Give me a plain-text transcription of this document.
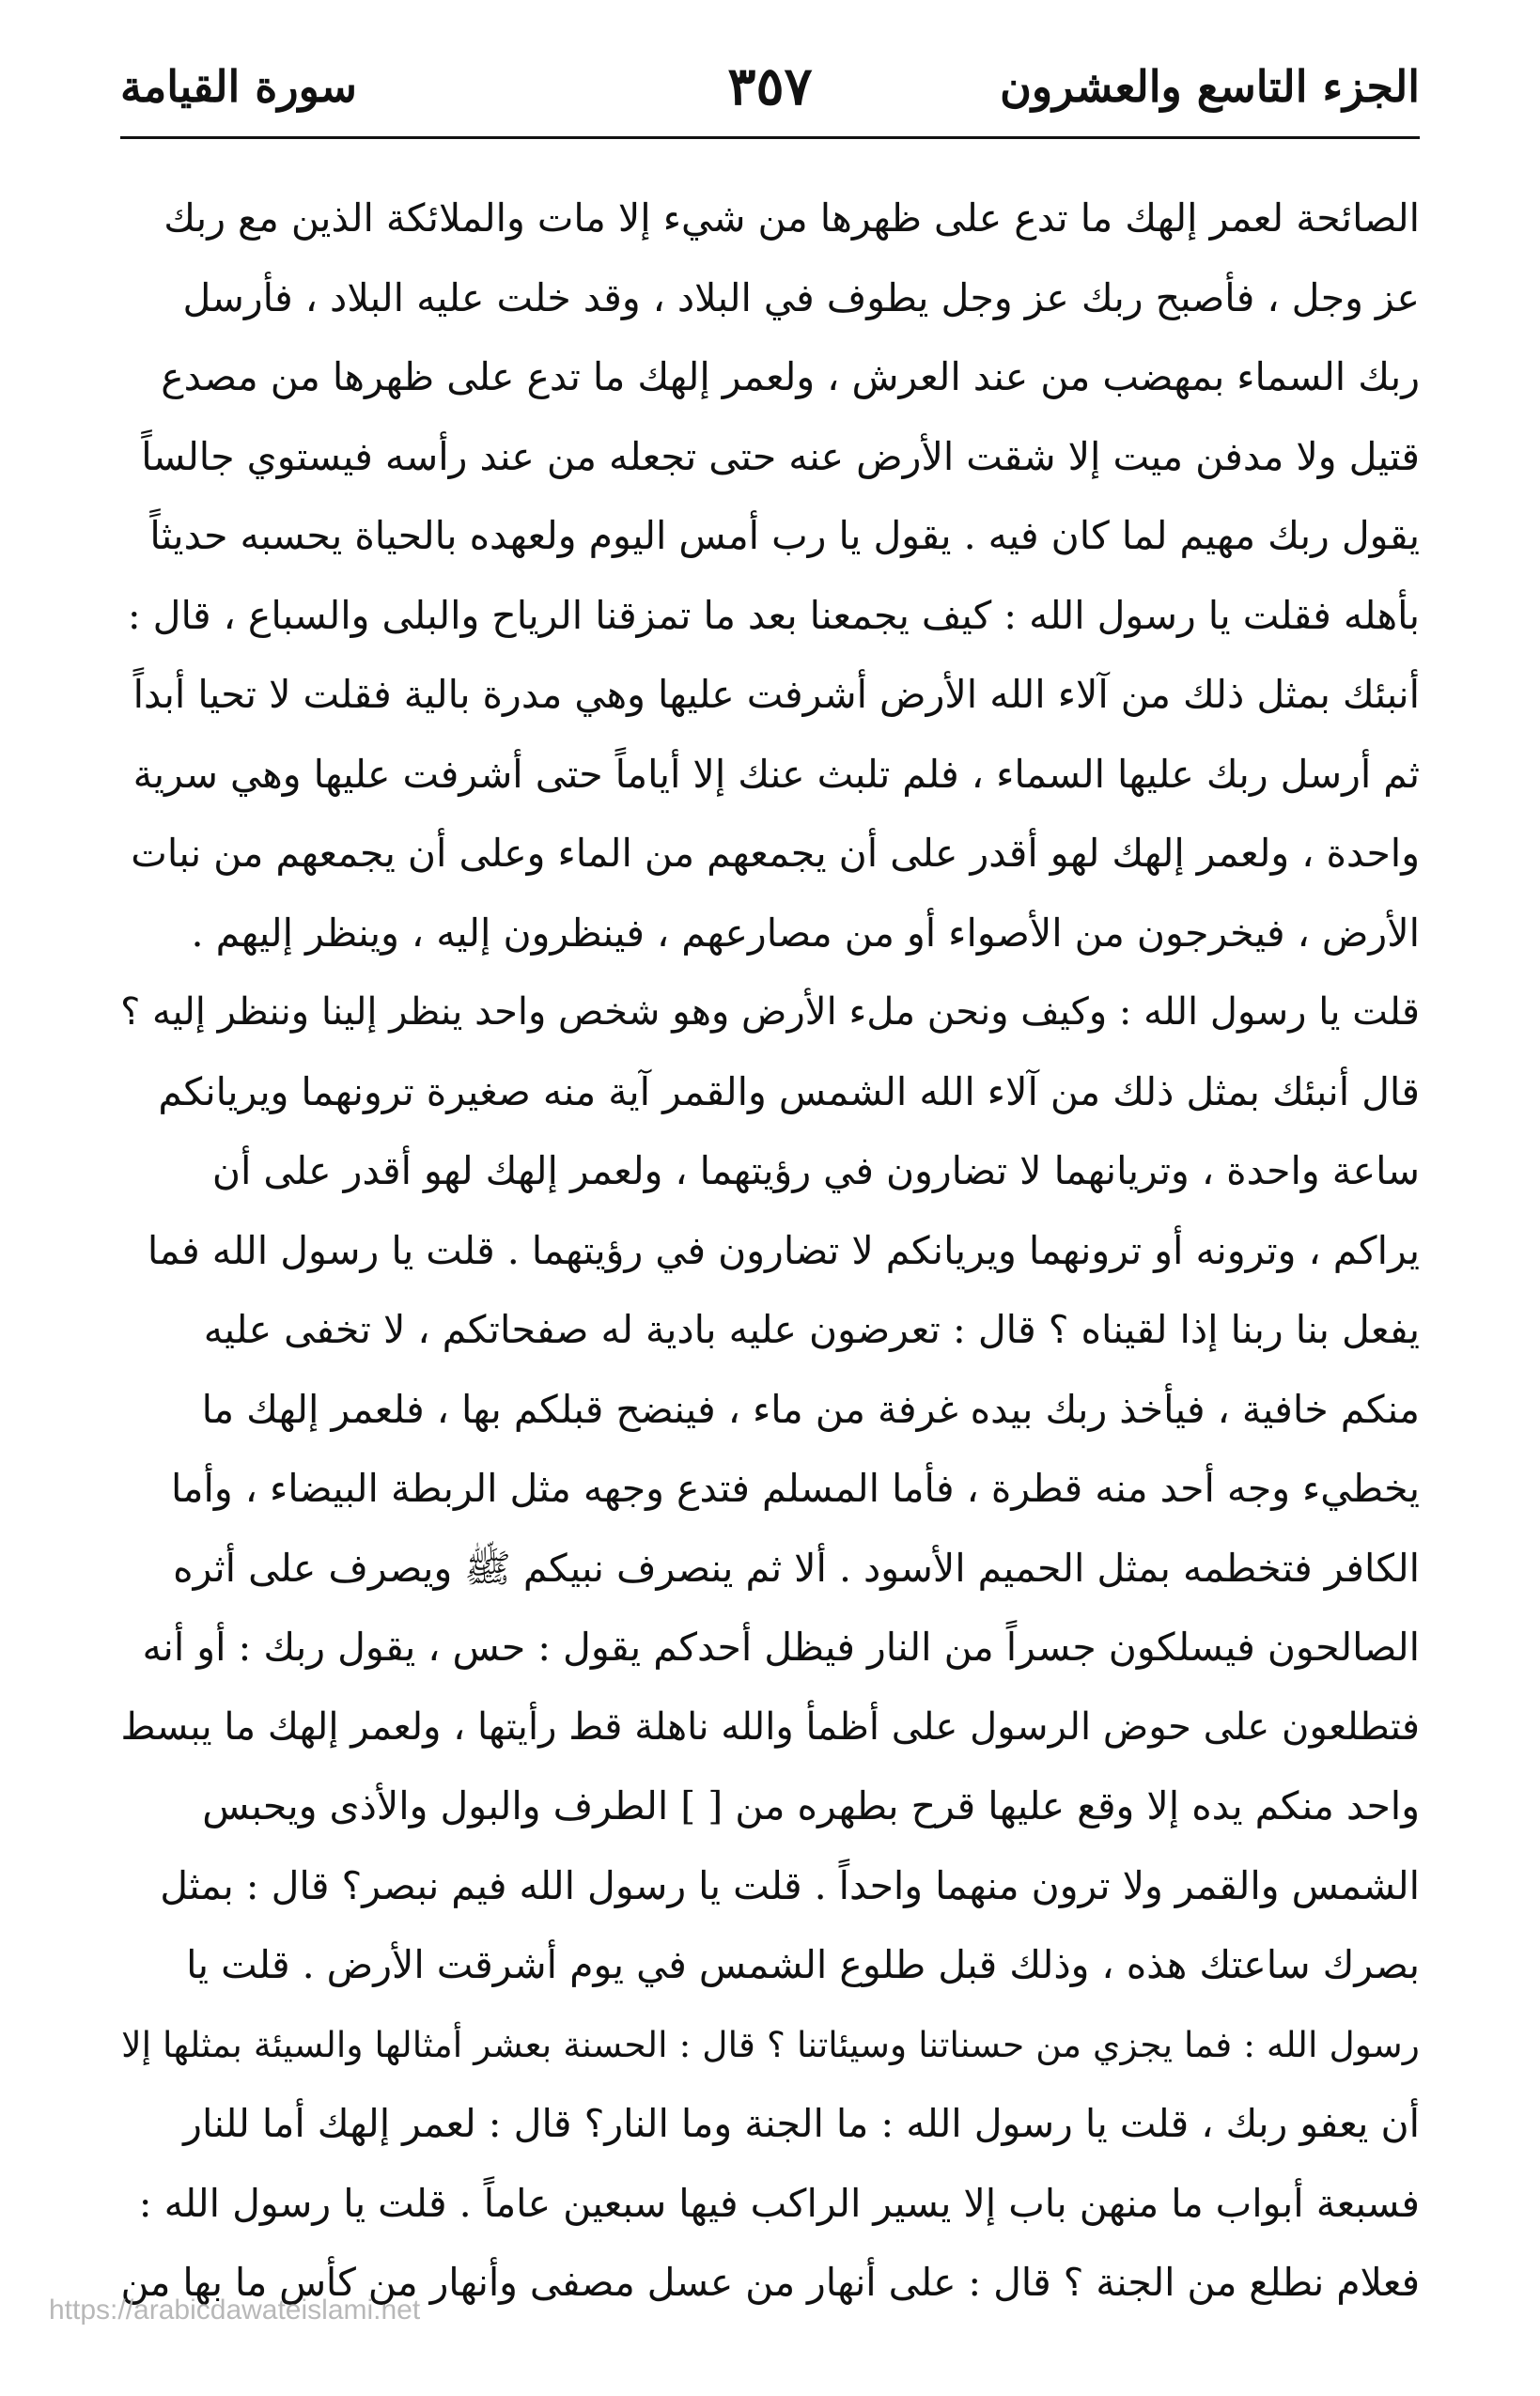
الجزء التاسع والعشرون
٣٥٧
سورة القيامة
الصائحة لعمر إلهك ما تدع على ظهرها من شيء إلا مات والملائكة الذين مع ربك
عز وجل ، فأصبح ربك عز وجل يطوف في البلاد ، وقد خلت عليه البلاد ، فأرسل
ربك السماء بمهضب من عند العرش ، ولعمر إلهك ما تدع على ظهرها من مصدع
قتيل ولا مدفن ميت إلا شقت الأرض عنه حتى تجعله من عند رأسه فيستوي جالساً
يقول ربك مهيم لما كان فيه . يقول يا رب أمس اليوم ولعهده بالحياة يحسبه حديثاً
بأهله فقلت يا رسول الله : كيف يجمعنا بعد ما تمزقنا الرياح والبلى والسباع ، قال :
أنبئك بمثل ذلك من آلاء الله الأرض أشرفت عليها وهي مدرة بالية فقلت لا تحيا أبداً
ثم أرسل ربك عليها السماء ، فلم تلبث عنك إلا أياماً حتى أشرفت عليها وهي سرية
واحدة ، ولعمر إلهك لهو أقدر على أن يجمعهم من الماء وعلى أن يجمعهم من نبات
الأرض ، فيخرجون من الأصواء أو من مصارعهم ، فينظرون إليه ، وينظر إليهم .
قلت يا رسول الله : وكيف ونحن ملء الأرض وهو شخص واحد ينظر إلينا وننظر إليه ؟
قال أنبئك بمثل ذلك من آلاء الله الشمس والقمر آية منه صغيرة ترونهما ويريانكم
ساعة واحدة ، وتريانهما لا تضارون في رؤيتهما ، ولعمر إلهك لهو أقدر على أن
يراكم ، وترونه أو ترونهما ويريانكم لا تضارون في رؤيتهما . قلت يا رسول الله فما
يفعل بنا ربنا إذا لقيناه ؟ قال : تعرضون عليه بادية له صفحاتكم ، لا تخفى عليه
منكم خافية ، فيأخذ ربك بيده غرفة من ماء ، فينضح قبلكم بها ، فلعمر إلهك ما
يخطيء وجه أحد منه قطرة ، فأما المسلم فتدع وجهه مثل الربطة البيضاء ، وأما
الكافر فتخطمه بمثل الحميم الأسود . ألا ثم ينصرف نبيكم ﷺ ويصرف على أثره
الصالحون فيسلكون جسراً من النار فيظل أحدكم يقول : حس ، يقول ربك : أو أنه
فتطلعون على حوض الرسول على أظمأ والله ناهلة قط رأيتها ، ولعمر إلهك ما يبسط
واحد منكم يده إلا وقع عليها قرح بطهره من [ ] الطرف والبول والأذى ويحبس
الشمس والقمر ولا ترون منهما واحداً . قلت يا رسول الله فيم نبصر؟ قال : بمثل
بصرك ساعتك هذه ، وذلك قبل طلوع الشمس في يوم أشرقت الأرض . قلت يا
رسول الله : فما يجزي من حسناتنا وسيئاتنا ؟ قال : الحسنة بعشر أمثالها والسيئة بمثلها إلا
أن يعفو ربك ، قلت يا رسول الله : ما الجنة وما النار؟ قال : لعمر إلهك أما للنار
فسبعة أبواب ما منهن باب إلا يسير الراكب فيها سبعين عاماً . قلت يا رسول الله :
فعلام نطلع من الجنة ؟ قال : على أنهار من عسل مصفى وأنهار من كأس ما بها من
https://arabicdawateislami.net
